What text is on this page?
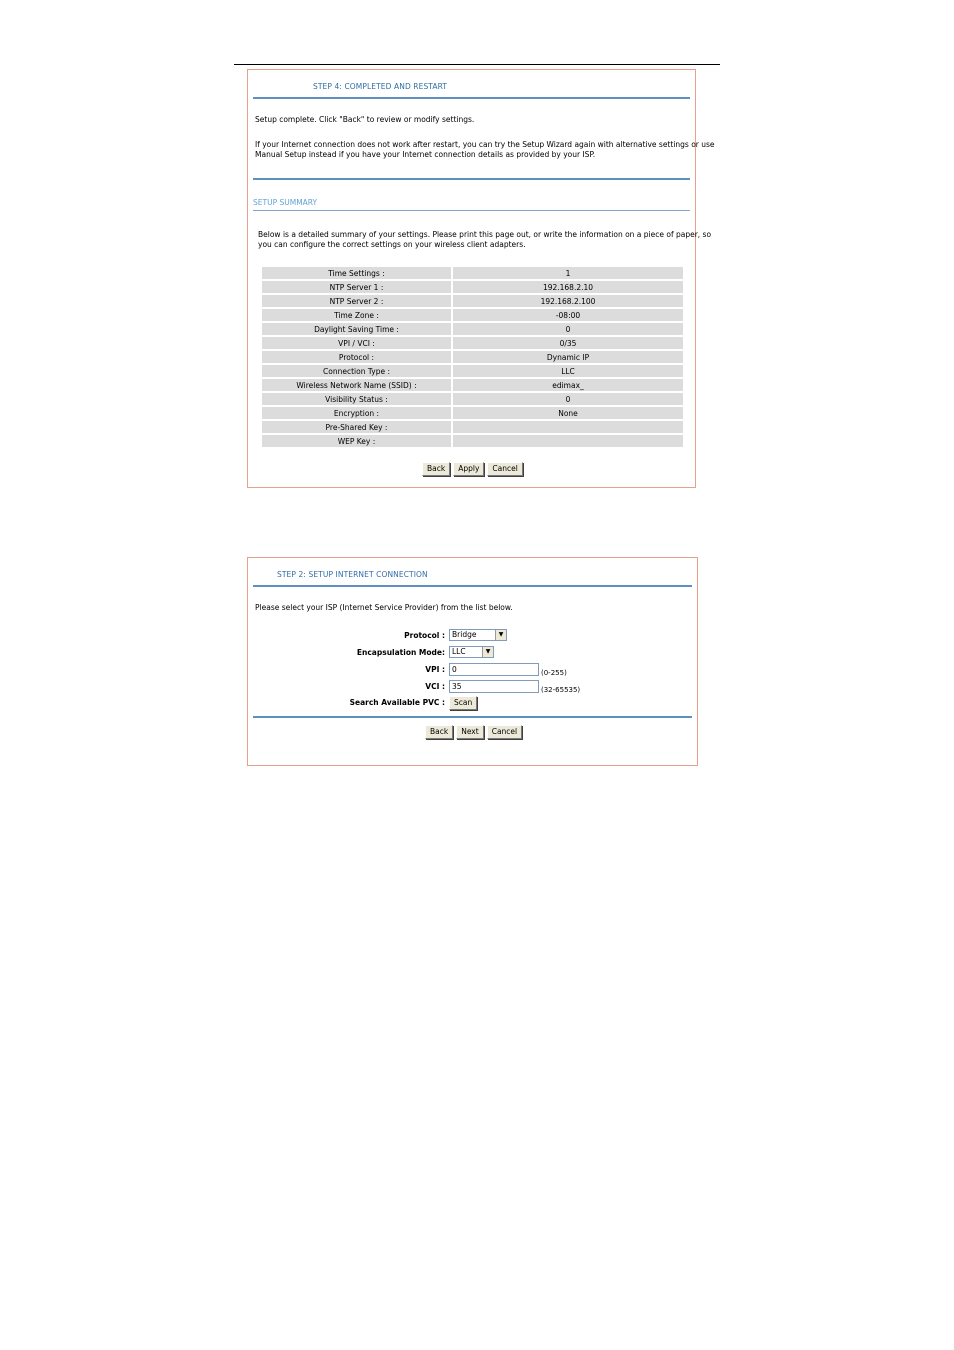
STEP 4: COMPLETED AND RESTART
Setup complete. Click "Back" to review or modify settings.
If your Internet connection does not work after restart, you can try the Setup Wizard again with alternative settings or use
Manual Setup instead if you have your Internet connection details as provided by your ISP.
SETUP SUMMARY
Below is a detailed summary of your settings. Please print this page out, or write the information on a piece of paper, so
you can configure the correct settings on your wireless client adapters.
Time Settings :	1
NTP Server 1 :	192.168.2.10
NTP Server 2 :	192.168.2.100
Time Zone :	-08:00
Daylight Saving Time :	0
VPI / VCI :	0/35
Protocol :	Dynamic IP
Connection Type :	LLC
Wireless Network Name (SSID) :	edimax_
Visibility Status :	0
Encryption :	None
Pre-Shared Key :	
WEP Key :	
Back	Apply	Cancel
STEP 2: SETUP INTERNET CONNECTION
Please select your ISP (Internet Service Provider) from the list below.
Protocol : Bridge	▼
Encapsulation Mode: LLC	▼
VPI : 0	(0-255)
VCI : 35	(32-65535)
Search Available PVC :	Scan
Back	Next	Cancel
